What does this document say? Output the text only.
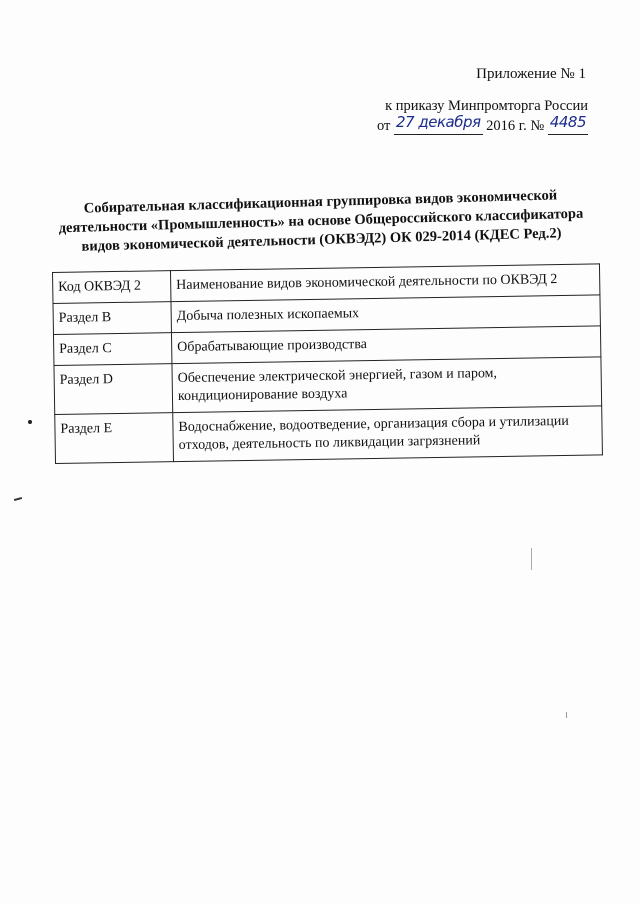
Приложение № 1
к приказу Минпромторга России
от 27 декабря 2016 г. № 4485
Собирательная классификационная группировка видов экономической деятельности «Промышленность» на основе Общероссийского классификатора видов экономической деятельности (ОКВЭД2) ОК 029-2014 (КДЕС Ред.2)
Код ОКВЭД 2	Наименование видов экономической деятельности по ОКВЭД 2
Раздел В	Добыча полезных ископаемых
Раздел С	Обрабатывающие производства
Раздел D	Обеспечение электрической энергией, газом и паром, кондиционирование воздуха
Раздел Е	Водоснабжение, водоотведение, организация сбора и утилизации отходов, деятельность по ликвидации загрязнений
